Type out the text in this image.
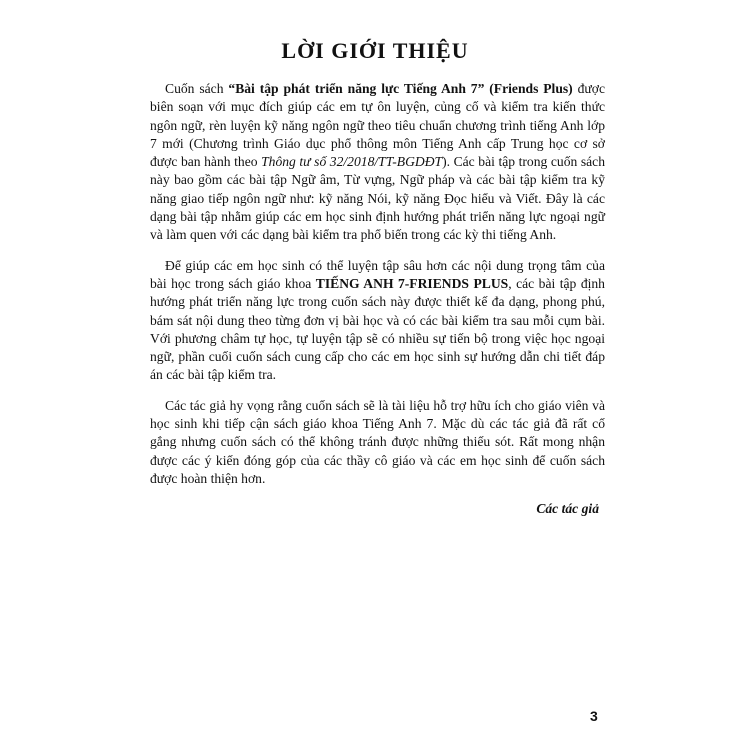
LỜI GIỚI THIỆU

Cuốn sách “Bài tập phát triển năng lực Tiếng Anh 7” (Friends Plus) được biên soạn với mục đích giúp các em tự ôn luyện, củng cố và kiểm tra kiến thức ngôn ngữ, rèn luyện kỹ năng ngôn ngữ theo tiêu chuẩn chương trình tiếng Anh lớp 7 mới (Chương trình Giáo dục phổ thông môn Tiếng Anh cấp Trung học cơ sở được ban hành theo Thông tư số 32/2018/TT-BGDĐT). Các bài tập trong cuốn sách này bao gồm các bài tập Ngữ âm, Từ vựng, Ngữ pháp và các bài tập kiểm tra kỹ năng giao tiếp ngôn ngữ như: kỹ năng Nói, kỹ năng Đọc hiểu và Viết. Đây là các dạng bài tập nhằm giúp các em học sinh định hướng phát triển năng lực ngoại ngữ và làm quen với các dạng bài kiểm tra phổ biến trong các kỳ thi tiếng Anh.

Để giúp các em học sinh có thể luyện tập sâu hơn các nội dung trọng tâm của bài học trong sách giáo khoa TIẾNG ANH 7-FRIENDS PLUS, các bài tập định hướng phát triển năng lực trong cuốn sách này được thiết kế đa dạng, phong phú, bám sát nội dung theo từng đơn vị bài học và có các bài kiểm tra sau mỗi cụm bài. Với phương châm tự học, tự luyện tập sẽ có nhiều sự tiến bộ trong việc học ngoại ngữ, phần cuối cuốn sách cung cấp cho các em học sinh sự hướng dẫn chi tiết đáp án các bài tập kiểm tra.

Các tác giả hy vọng rằng cuốn sách sẽ là tài liệu hỗ trợ hữu ích cho giáo viên và học sinh khi tiếp cận sách giáo khoa Tiếng Anh 7. Mặc dù các tác giả đã rất cố gắng nhưng cuốn sách có thể không tránh được những thiếu sót. Rất mong nhận được các ý kiến đóng góp của các thầy cô giáo và các em học sinh để cuốn sách được hoàn thiện hơn.

Các tác giả
3
